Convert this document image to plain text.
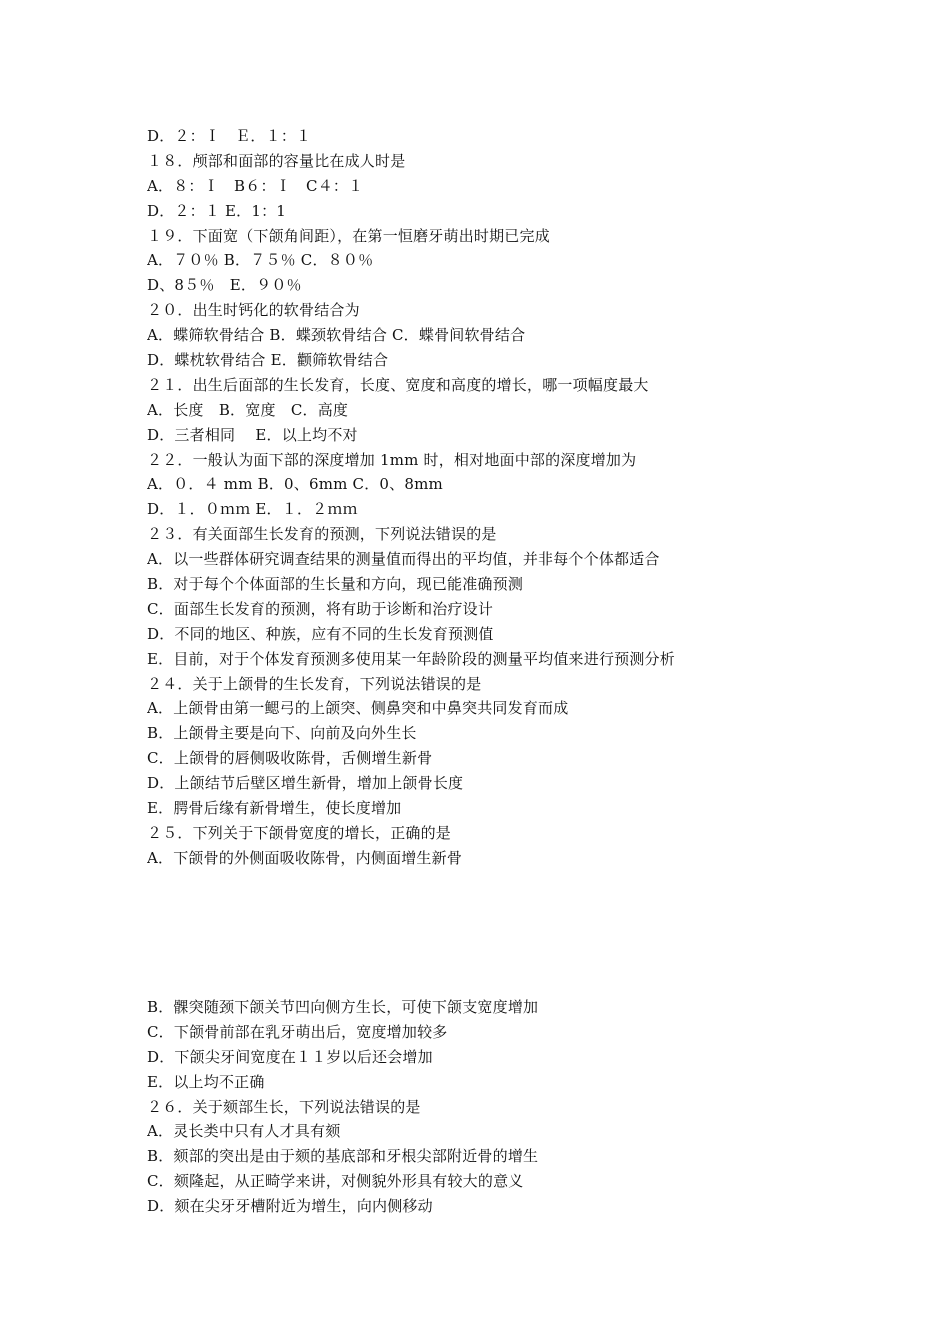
D．２：Ｉ　Ｅ．１：１
１８．颅部和面部的容量比在成人时是
A．８：Ｉ　B６：Ｉ　C４：１
D．２：１ E．1：1
１９．下面宽（下颌角间距），在第一恒磨牙萌出时期已完成
A．７０％ B．７５％ C．８０％
D、8５％　E．９０％
２０．出生时钙化的软骨结合为
A．蝶筛软骨结合 B．蝶颈软骨结合 C．蝶骨间软骨结合
D．蝶枕软骨结合 E．颧筛软骨结合
２１．出生后面部的生长发育，长度、宽度和高度的增长，哪一项幅度最大
A．长度　B．宽度　C．高度
D．三者相同　 E．以上均不对
２２．一般认为面下部的深度增加 1mm 时，相对地面中部的深度增加为
A．０．４ mm B．0、6mm C．0、8mm
D．１．０ｍｍ E．１．２ｍｍ
２３．有关面部生长发育的预测，下列说法错误的是
A．以一些群体研究调查结果的测量值而得出的平均值，并非每个个体都适合
B．对于每个个体面部的生长量和方向，现已能准确预测
C．面部生长发育的预测，将有助于诊断和治疗设计
D．不同的地区、种族，应有不同的生长发育预测值
E．目前，对于个体发育预测多使用某一年龄阶段的测量平均值来进行预测分析
２４．关于上颌骨的生长发育，下列说法错误的是
A．上颌骨由第一鳃弓的上颌突、侧鼻突和中鼻突共同发育而成
B．上颌骨主要是向下、向前及向外生长
C．上颌骨的唇侧吸收陈骨，舌侧增生新骨
D．上颌结节后壁区增生新骨，增加上颌骨长度
E．腭骨后缘有新骨增生，使长度增加
２５．下列关于下颌骨宽度的增长，正确的是
A．下颌骨的外侧面吸收陈骨，内侧面增生新骨
B．髁突随颈下颌关节凹向侧方生长，可使下颌支宽度增加
C．下颌骨前部在乳牙萌出后，宽度增加较多
D．下颌尖牙间宽度在１１岁以后还会增加
E．以上均不正确
２６．关于颏部生长，下列说法错误的是
A．灵长类中只有人才具有颏
B．颏部的突出是由于颏的基底部和牙根尖部附近骨的增生
C．颏隆起，从正畸学来讲，对侧貌外形具有较大的意义
D．颏在尖牙牙槽附近为增生，向内侧移动
